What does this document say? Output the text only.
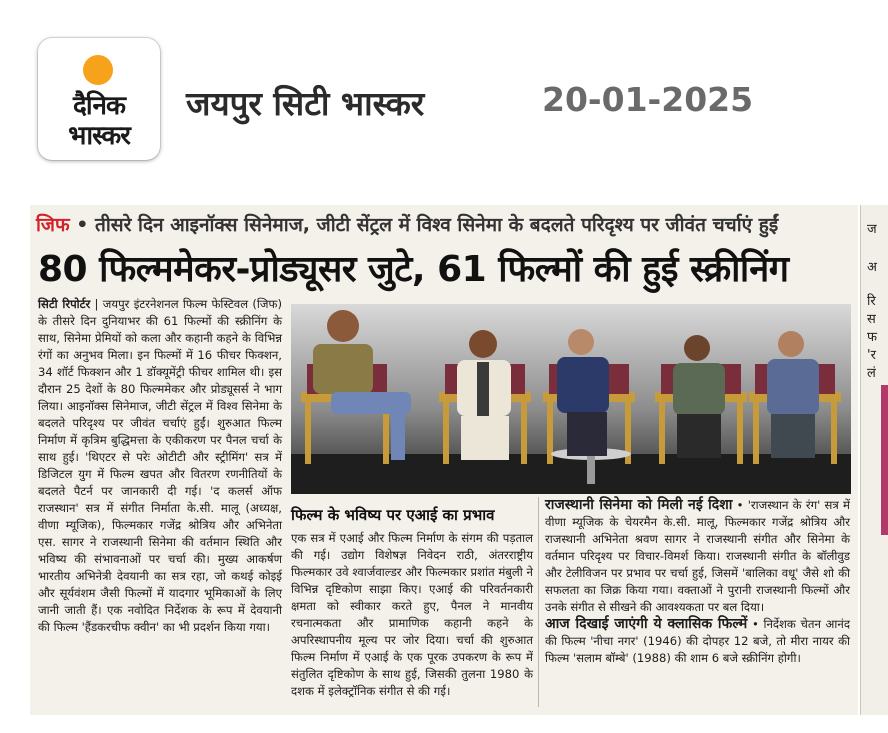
दैनिक
भास्कर
जयपुर सिटी भास्कर	20-01-2025
जिफ • तीसरे दिन आइनॉक्स सिनेमाज, जीटी सेंट्रल में विश्व सिनेमा के बदलते परिदृश्य पर जीवंत चर्चाएं हुईं
80 फिल्ममेकर-प्रोड्यूसर जुटे, 61 फिल्मों की हुई स्क्रीनिंग
सिटी रिपोर्टर | जयपुर इंटरनेशनल फिल्म फेस्टिवल (जिफ) के तीसरे दिन दुनियाभर की 61 फिल्मों की स्क्रीनिंग के साथ, सिनेमा प्रेमियों को कला और कहानी कहने के विभिन्न रंगों का अनुभव मिला। इन फिल्मों में 16 फीचर फिक्शन, 34 शॉर्ट फिक्शन और 1 डॉक्यूमेंट्री फीचर शामिल थी। इस दौरान 25 देशों के 80 फिल्ममेकर और प्रोड्यूसर्स ने भाग लिया। आइनॉक्स सिनेमाज, जीटी सेंट्रल में विश्व सिनेमा के बदलते परिदृश्य पर जीवंत चर्चाएं हुईं। शुरुआत फिल्म निर्माण में कृत्रिम बुद्धिमत्ता के एकीकरण पर पैनल चर्चा के साथ हुई। 'थिएटर से परेः ओटीटी और स्ट्रीमिंग' सत्र में डिजिटल युग में फिल्म खपत और वितरण रणनीतियों के बदलते पैटर्न पर जानकारी दी गई। 'द कलर्स ऑफ राजस्थान' सत्र में संगीत निर्माता के.सी. मालू (अध्यक्ष, वीणा म्यूजिक), फिल्मकार गजेंद्र श्रोत्रिय और अभिनेता एस. सागर ने राजस्थानी सिनेमा की वर्तमान स्थिति और भविष्य की संभावनाओं पर चर्चा की। मुख्य आकर्षण भारतीय अभिनेत्री देवयानी का सत्र रहा, जो कथई कोइई और सूर्यवंशम जैसी फिल्मों में यादगार भूमिकाओं के लिए जानी जाती हैं। एक नवोदित निर्देशक के रूप में देवयानी की फिल्म 'हैंडकरचीफ क्वीन' का भी प्रदर्शन किया गया।
फिल्म के भविष्य पर एआई का प्रभाव
एक सत्र में एआई और फिल्म निर्माण के संगम की पड़ताल की गई। उद्योग विशेषज्ञ निवेदन राठी, अंतरराष्ट्रीय फिल्मकार उवे श्वार्जवाल्डर और फिल्मकार प्रशांत मंबुली ने विभिन्न दृष्टिकोण साझा किए। एआई की परिवर्तनकारी क्षमता को स्वीकार करते हुए, पैनल ने मानवीय रचनात्मकता और प्रामाणिक कहानी कहने के अपरिस्थापनीय मूल्य पर जोर दिया। चर्चा की शुरुआत फिल्म निर्माण में एआई के एक पूरक उपकरण के रूप में संतुलित दृष्टिकोण के साथ हुई, जिसकी तुलना 1980 के दशक में इलेक्ट्रॉनिक संगीत से की गई।
राजस्थानी सिनेमा को मिली नई दिशा • 'राजस्थान के रंग' सत्र में वीणा म्यूजिक के चेयरमैन के.सी. मालू, फिल्मकार गजेंद्र श्रोत्रिय और राजस्थानी अभिनेता श्रवण सागर ने राजस्थानी संगीत और सिनेमा के वर्तमान परिदृश्य पर विचार-विमर्श किया। राजस्थानी संगीत के बॉलीवुड और टेलीविजन पर प्रभाव पर चर्चा हुई, जिसमें 'बालिका वधू' जैसे शो की सफलता का जिक्र किया गया। वक्ताओं ने पुरानी राजस्थानी फिल्मों और उनके संगीत से सीखने की आवश्यकता पर बल दिया।
आज दिखाई जाएंगी ये क्लासिक फिल्में • निर्देशक चेतन आनंद की फिल्म 'नीचा नगर' (1946) की दोपहर 12 बजे, तो मीरा नायर की फिल्म 'सलाम बॉम्बे' (1988) की शाम 6 बजे स्क्रीनिंग होगी।
ज
अ
रि
स
फ
'र
लं
